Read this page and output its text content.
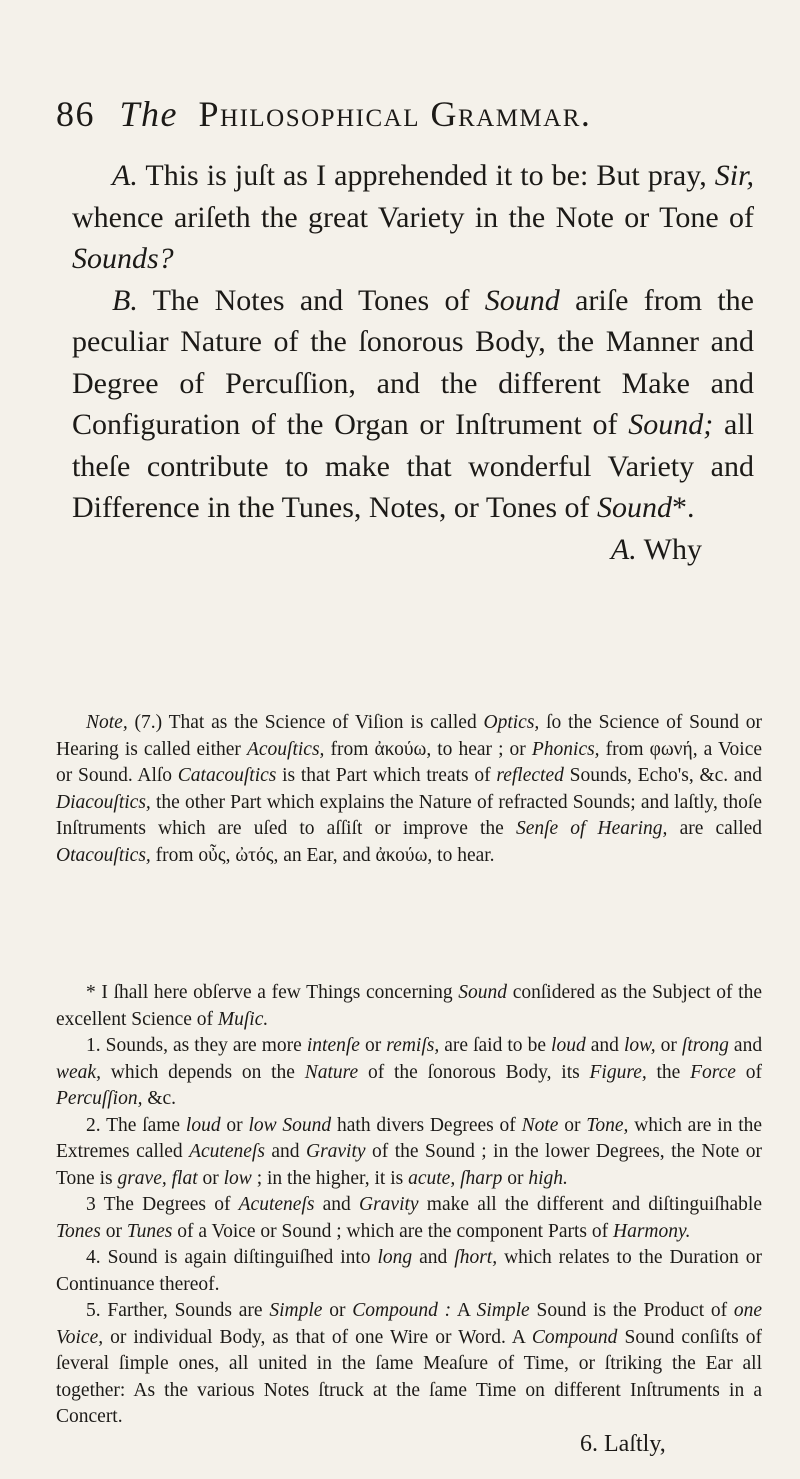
86 The Philosophical Grammar.

A. This is juſt as I apprehended it to be: But pray, Sir, whence ariſeth the great Variety in the Note or Tone of Sounds?

B. The Notes and Tones of Sound ariſe from the peculiar Nature of the ſonorous Body, the Manner and Degree of Percuſſion, and the different Make and Configuration of the Organ or Inſtrument of Sound; all theſe contribute to make that wonderful Variety and Difference in the Tunes, Notes, or Tones of Sound*.

A. Why

Note, (7.) That as the Science of Viſion is called Optics, ſo the Science of Sound or Hearing is called either Acouſtics, from ἀκούω, to hear ; or Phonics, from φωνή, a Voice or Sound. Alſo Catacouſtics is that Part which treats of reflected Sounds, Echo's, &c. and Diacouſtics, the other Part which explains the Nature of refracted Sounds; and laſtly, thoſe Inſtruments which are uſed to aſſiſt or improve the Senſe of Hearing, are called Otacouſtics, from οὖς, ὠτός, an Ear, and ἀκούω, to hear.

* I ſhall here obſerve a few Things concerning Sound conſidered as the Subject of the excellent Science of Muſic.

1. Sounds, as they are more intenſe or remiſs, are ſaid to be loud and low, or ſtrong and weak, which depends on the Nature of the ſonorous Body, its Figure, the Force of Percuſſion, &c.

2. The ſame loud or low Sound hath divers Degrees of Note or Tone, which are in the Extremes called Acuteneſs and Gravity of the Sound ; in the lower Degrees, the Note or Tone is grave, flat or low ; in the higher, it is acute, ſharp or high.

3 The Degrees of Acuteneſs and Gravity make all the different and diſtinguiſhable Tones or Tunes of a Voice or Sound ; which are the component Parts of Harmony.

4. Sound is again diſtinguiſhed into long and ſhort, which relates to the Duration or Continuance thereof.

5. Farther, Sounds are Simple or Compound : A Simple Sound is the Product of one Voice, or individual Body, as that of one Wire or Word. A Compound Sound conſiſts of ſeveral ſimple ones, all united in the ſame Meaſure of Time, or ſtriking the Ear all together: As the various Notes ſtruck at the ſame Time on different Inſtruments in a Concert.

6. Laſtly,
